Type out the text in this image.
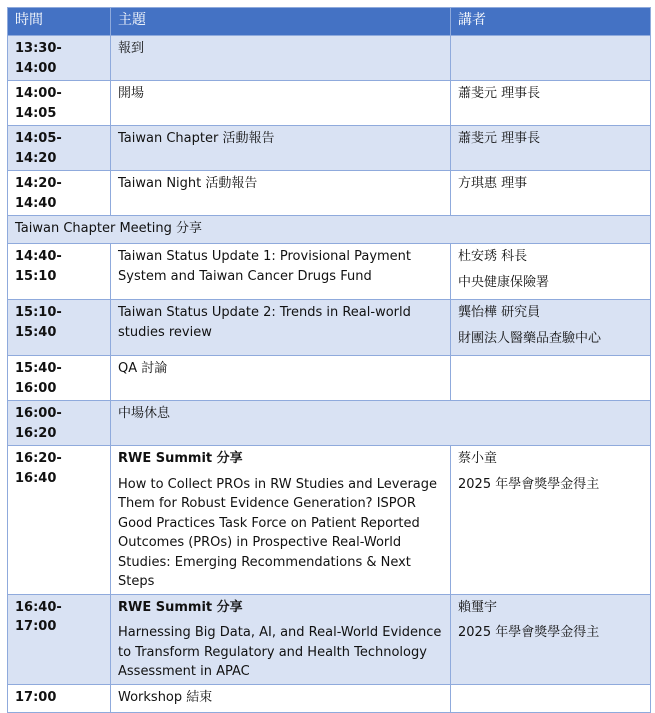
時間	主題	講者
13:30-14:00	報到	
14:00-14:05	開場	蕭斐元 理事長
14:05-14:20	Taiwan Chapter 活動報告	蕭斐元 理事長
14:20-14:40	Taiwan Night 活動報告	方琪惠 理事
Taiwan Chapter Meeting 分享		
14:40-15:10	Taiwan Status Update 1: Provisional Payment System and Taiwan Cancer Drugs Fund	杜安琇 科長
中央健康保險署

15:10-15:40	Taiwan Status Update 2: Trends in Real-world studies review	龔怡樺 研究員
財團法人醫藥品查驗中心

15:40-16:00	QA 討論	
16:00-16:20	中場休息	
16:20-16:40	RWE Summit 分享
How to Collect PROs in RW Studies and Leverage Them for Robust Evidence Generation? ISPOR Good Practices Task Force on Patient Reported Outcomes (PROs) in Prospective Real-World Studies: Emerging Recommendations & Next Steps	蔡小童
2025 年學會獎學金得主

16:40-17:00	RWE Summit 分享
Harnessing Big Data, AI, and Real-World Evidence to Transform Regulatory and Health Technology Assessment in APAC	賴璽宇
2025 年學會獎學金得主

17:00	Workshop 結束	
